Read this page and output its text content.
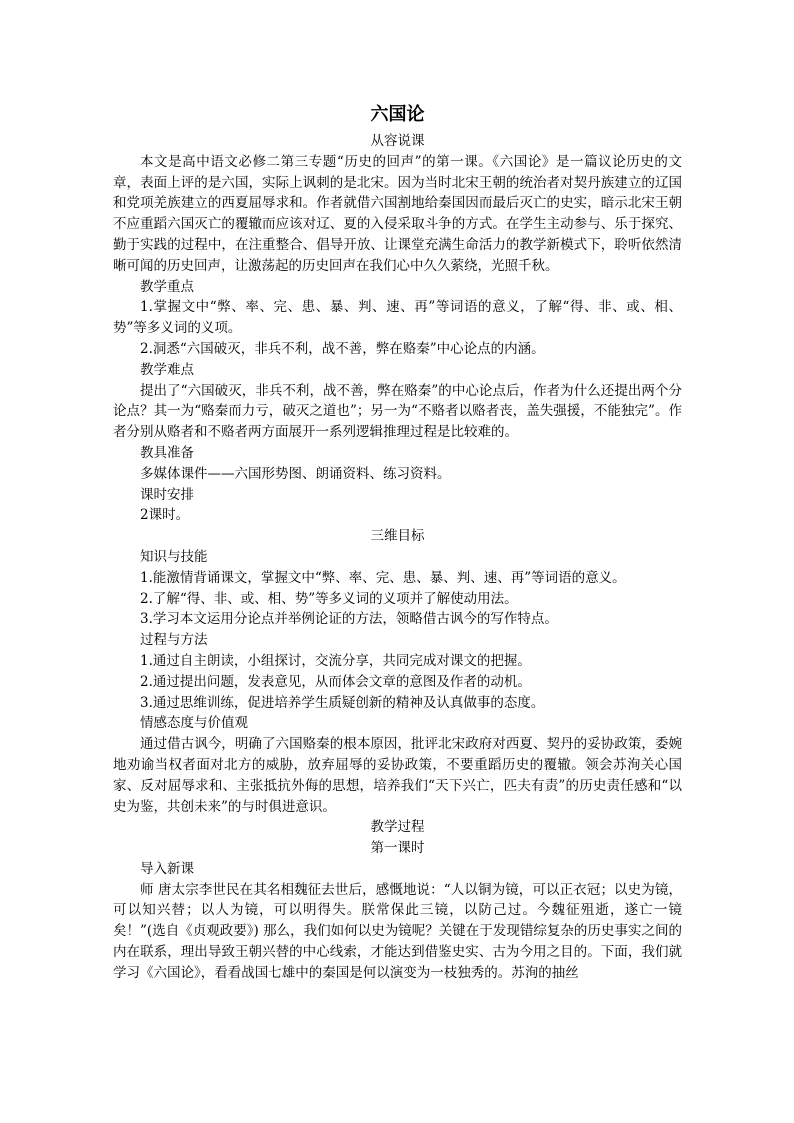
六国论

从容说课

本文是高中语文必修二第三专题“历史的回声”的第一课。《六国论》是一篇议论历史的文章，表面上评的是六国，实际上讽刺的是北宋。因为当时北宋王朝的统治者对契丹族建立的辽国和党项羌族建立的西夏屈辱求和。作者就借六国割地给秦国因而最后灭亡的史实，暗示北宋王朝不应重蹈六国灭亡的覆辙而应该对辽、夏的入侵采取斗争的方式。在学生主动参与、乐于探究、勤于实践的过程中，在注重整合、倡导开放、让课堂充满生命活力的教学新模式下，聆听依然清晰可闻的历史回声，让激荡起的历史回声在我们心中久久萦绕，光照千秋。

教学重点

1.掌握文中“弊、率、完、患、暴、判、速、再”等词语的意义，了解“得、非、或、相、势”等多义词的义项。

2.洞悉“六国破灭，非兵不利，战不善，弊在赂秦”中心论点的内涵。

教学难点

提出了“六国破灭，非兵不利，战不善，弊在赂秦”的中心论点后，作者为什么还提出两个分论点？其一为“赂秦而力亏，破灭之道也”；另一为“不赂者以赂者丧，盖失强援，不能独完”。作者分别从赂者和不赂者两方面展开一系列逻辑推理过程是比较难的。

教具准备

多媒体课件——六国形势图、朗诵资料、练习资料。

课时安排

2课时。

三维目标

知识与技能

1.能激情背诵课文，掌握文中“弊、率、完、患、暴、判、速、再”等词语的意义。

2.了解“得、非、或、相、势”等多义词的义项并了解使动用法。

3.学习本文运用分论点并举例论证的方法，领略借古讽今的写作特点。

过程与方法

1.通过自主朗读，小组探讨，交流分享，共同完成对课文的把握。

2.通过提出问题，发表意见，从而体会文章的意图及作者的动机。

3.通过思维训练，促进培养学生质疑创新的精神及认真做事的态度。

情感态度与价值观

通过借古讽今，明确了六国赂秦的根本原因，批评北宋政府对西夏、契丹的妥协政策，委婉地劝谕当权者面对北方的威胁，放弃屈辱的妥协政策，不要重蹈历史的覆辙。领会苏洵关心国家、反对屈辱求和、主张抵抗外侮的思想，培养我们“天下兴亡，匹夫有责”的历史责任感和“以史为鉴，共创未来”的与时俱进意识。

教学过程

第一课时

导入新课

师 唐太宗李世民在其名相魏征去世后，感慨地说：“人以铜为镜，可以正衣冠；以史为镜，可以知兴替；以人为镜，可以明得失。朕常保此三镜，以防己过。今魏征殂逝，遂亡一镜矣！”(选自《贞观政要》) 那么，我们如何以史为镜呢？关键在于发现错综复杂的历史事实之间的内在联系，理出导致王朝兴替的中心线索，才能达到借鉴史实、古为今用之目的。下面，我们就学习《六国论》，看看战国七雄中的秦国是何以演变为一枝独秀的。苏洵的抽丝
